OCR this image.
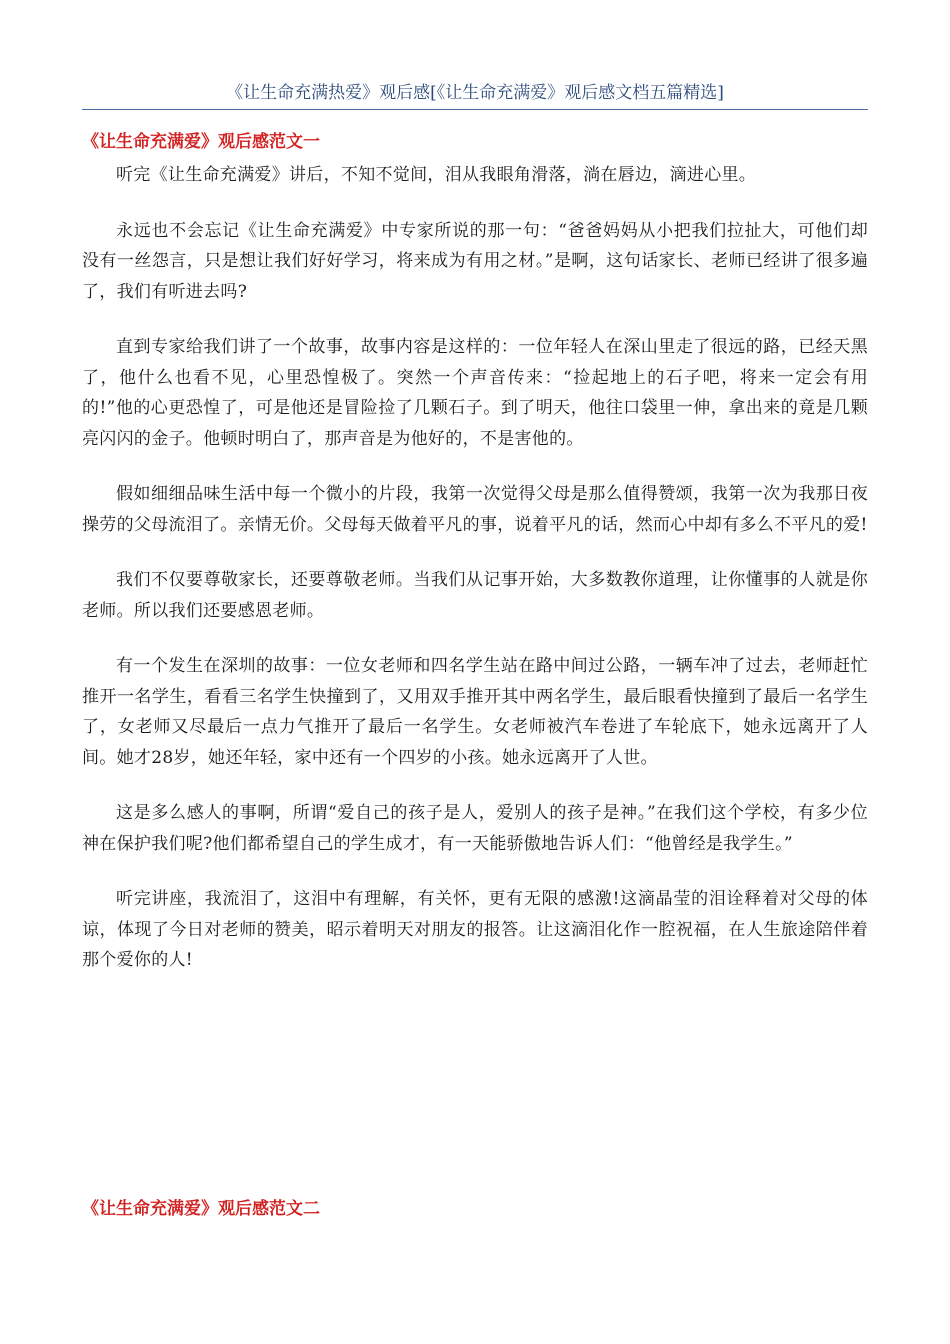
《让生命充满热爱》观后感[《让生命充满爱》观后感文档五篇精选]
《让生命充满爱》观后感范文一

听完《让生命充满爱》讲后，不知不觉间，泪从我眼角滑落，淌在唇边，滴进心里。

永远也不会忘记《让生命充满爱》中专家所说的那一句：“爸爸妈妈从小把我们拉扯大，可他们却没有一丝怨言，只是想让我们好好学习，将来成为有用之材。”是啊，这句话家长、老师已经讲了很多遍了，我们有听进去吗?

直到专家给我们讲了一个故事，故事内容是这样的：一位年轻人在深山里走了很远的路，已经天黑了，他什么也看不见，心里恐惶极了。突然一个声音传来：“捡起地上的石子吧，将来一定会有用的!”他的心更恐惶了，可是他还是冒险捡了几颗石子。到了明天，他往口袋里一伸，拿出来的竟是几颗亮闪闪的金子。他顿时明白了，那声音是为他好的，不是害他的。

假如细细品味生活中每一个微小的片段，我第一次觉得父母是那么值得赞颂，我第一次为我那日夜操劳的父母流泪了。亲情无价。父母每天做着平凡的事，说着平凡的话，然而心中却有多么不平凡的爱!

我们不仅要尊敬家长，还要尊敬老师。当我们从记事开始，大多数教你道理，让你懂事的人就是你老师。所以我们还要感恩老师。

有一个发生在深圳的故事：一位女老师和四名学生站在路中间过公路，一辆车冲了过去，老师赶忙推开一名学生，看看三名学生快撞到了，又用双手推开其中两名学生，最后眼看快撞到了最后一名学生了，女老师又尽最后一点力气推开了最后一名学生。女老师被汽车卷进了车轮底下，她永远离开了人间。她才28岁，她还年轻，家中还有一个四岁的小孩。她永远离开了人世。

这是多么感人的事啊，所谓“爱自己的孩子是人，爱别人的孩子是神。”在我们这个学校，有多少位神在保护我们呢?他们都希望自己的学生成才，有一天能骄傲地告诉人们：“他曾经是我学生。”

听完讲座，我流泪了，这泪中有理解，有关怀，更有无限的感激!这滴晶莹的泪诠释着对父母的体谅，体现了今日对老师的赞美，昭示着明天对朋友的报答。让这滴泪化作一腔祝福，在人生旅途陪伴着那个爱你的人!

《让生命充满爱》观后感范文二
